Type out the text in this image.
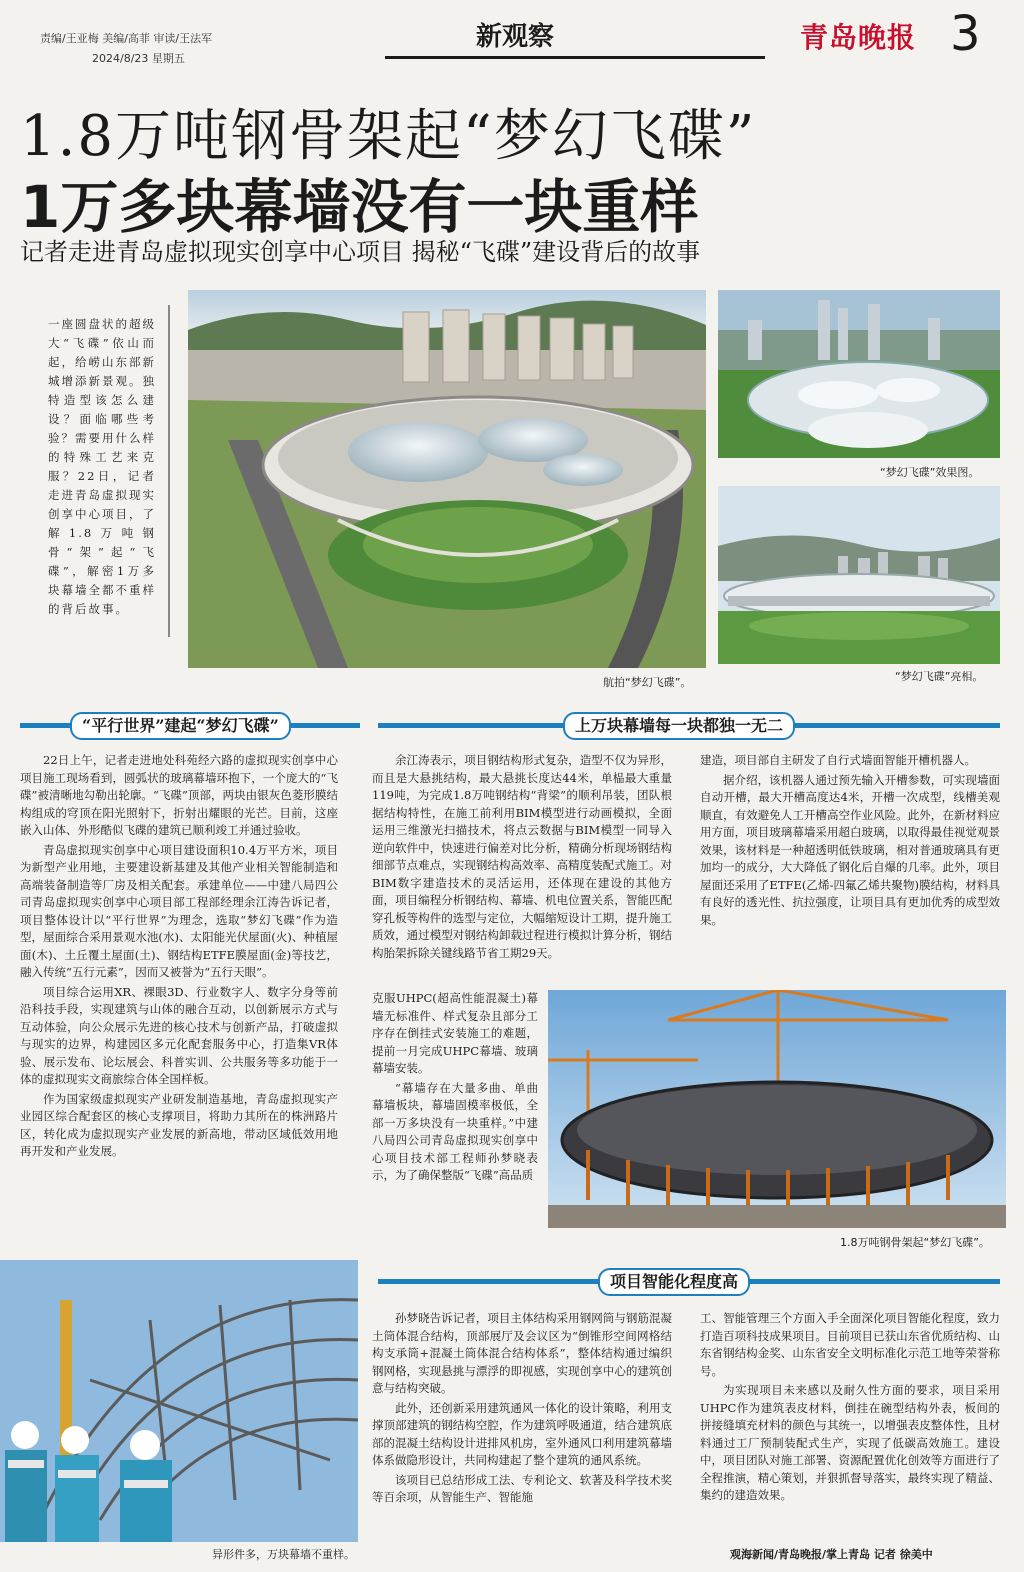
责编/王亚梅 美编/高菲 审读/王法军
2024/8/23 星期五
新观察	青岛晚报 3
1.8万吨钢骨架起“梦幻飞碟”
1万多块幕墙没有一块重样
记者走进青岛虚拟现实创享中心项目 揭秘“飞碟”建设背后的故事
一座圆盘状的超级大“飞碟”依山而起，给崂山东部新城增添新景观。独特造型该怎么建设？面临哪些考验？需要用什么样的特殊工艺来克服？22日，记者走进青岛虚拟现实创享中心项目，了解1.8万吨钢骨“架”起“飞碟”，解密1万多块幕墙全都不重样的背后故事。
航拍“梦幻飞碟”。
“梦幻飞碟”效果图。
“梦幻飞碟”亮相。
“平行世界”建起“梦幻飞碟”

22日上午，记者走进地处科苑经六路的虚拟现实创享中心项目施工现场看到，圆弧状的玻璃幕墙环抱下，一个庞大的“飞碟”被清晰地勾勒出轮廓。“飞碟”顶部，两块由银灰色菱形膜结构组成的穹顶在阳光照射下，折射出耀眼的光芒。目前，这座嵌入山体、外形酷似飞碟的建筑已顺利竣工并通过验收。

青岛虚拟现实创享中心项目建设面积10.4万平方米，项目为新型产业用地，主要建设新基建及其他产业相关智能制造和高端装备制造等厂房及相关配套。承建单位——中建八局四公司青岛虚拟现实创享中心项目部工程部经理余江涛告诉记者，项目整体设计以“平行世界”为理念，选取“梦幻飞碟”作为造型，屋面综合采用景观水池(水)、太阳能光伏屋面(火)、种植屋面(木)、土丘覆土屋面(土)、钢结构ETFE膜屋面(金)等技艺，融入传统“五行元素”，因而又被誉为“五行天眼”。

项目综合运用XR、裸眼3D、行业数字人、数字分身等前沿科技手段，实现建筑与山体的融合互动，以创新展示方式与互动体验，向公众展示先进的核心技术与创新产品，打破虚拟与现实的边界，构建园区多元化配套服务中心，打造集VR体验、展示发布、论坛展会、科普实训、公共服务等多功能于一体的虚拟现实文商旅综合体全国样板。

作为国家级虚拟现实产业研发制造基地，青岛虚拟现实产业园区综合配套区的核心支撑项目，将助力其所在的株洲路片区，转化成为虚拟现实产业发展的新高地，带动区域低效用地再开发和产业发展。

上万块幕墙每一块都独一无二

余江涛表示，项目钢结构形式复杂，造型不仅为异形，而且是大悬挑结构，最大悬挑长度达44米，单榀最大重量119吨，为完成1.8万吨钢结构“背梁”的顺利吊装，团队根据结构特性，在施工前利用BIM模型进行动画模拟，全面运用三维激光扫描技术，将点云数据与BIM模型一同导入逆向软件中，快速进行偏差对比分析，精确分析现场钢结构细部节点难点，实现钢结构高效率、高精度装配式施工。对BIM数字建造技术的灵活运用，还体现在建设的其他方面，项目编程分析钢结构、幕墙、机电位置关系，智能匹配穿孔板等构件的选型与定位，大幅缩短设计工期，提升施工质效，通过模型对钢结构卸载过程进行模拟计算分析，钢结构胎架拆除关键线路节省工期29天。

克服UHPC(超高性能混凝土)幕墙无标准件、样式复杂且部分工序存在倒挂式安装施工的难题，提前一月完成UHPC幕墙、玻璃幕墙安装。

“幕墙存在大量多曲、单曲幕墙板块，幕墙固模率极低，全部一万多块没有一块重样。”中建八局四公司青岛虚拟现实创享中心项目技术部工程师孙梦晓表示，为了确保整版“飞碟”高品质

建造，项目部自主研发了自行式墙面智能开槽机器人。

据介绍，该机器人通过预先输入开槽参数，可实现墙面自动开槽，最大开槽高度达4米，开槽一次成型，线槽美观顺直，有效避免人工开槽高空作业风险。此外，在新材料应用方面，项目玻璃幕墙采用超白玻璃，以取得最佳视觉观景效果，该材料是一种超透明低铁玻璃，相对普通玻璃具有更加均一的成分，大大降低了钢化后自爆的几率。此外，项目屋面还采用了ETFE(乙烯-四氟乙烯共聚物)膜结构，材料具有良好的透光性、抗拉强度，让项目具有更加优秀的成型效果。

1.8万吨钢骨架起“梦幻飞碟”。
异形件多，万块幕墙不重样。
项目智能化程度高

孙梦晓告诉记者，项目主体结构采用钢网筒与钢筋混凝土筒体混合结构，顶部展厅及会议区为“倒锥形空间网格结构支承筒+混凝土筒体混合结构体系”，整体结构通过编织钢网格，实现悬挑与漂浮的即视感，实现创享中心的建筑创意与结构突破。

此外，还创新采用建筑通风一体化的设计策略，利用支撑顶部建筑的钢结构空腔，作为建筑呼吸通道，结合建筑底部的混凝土结构设计进排风机房，室外通风口利用建筑幕墙体系做隐形设计，共同构建起了整个建筑的通风系统。

该项目已总结形成工法、专利论文、软著及科学技术奖等百余项，从智能生产、智能施

工、智能管理三个方面入手全面深化项目智能化程度，致力打造百项科技成果项目。目前项目已获山东省优质结构、山东省钢结构金奖、山东省安全文明标准化示范工地等荣誉称号。

为实现项目未来感以及耐久性方面的要求，项目采用UHPC作为建筑表皮材料，倒挂在碗型结构外表，板间的拼接缝填充材料的颜色与其统一，以增强表皮整体性，且材料通过工厂预制装配式生产，实现了低碳高效施工。建设中，项目团队对施工部署、资源配置优化创效等方面进行了全程推演，精心策划，并狠抓督导落实，最终实现了精益、集约的建造效果。

观海新闻/青岛晚报/掌上青岛 记者 徐美中
